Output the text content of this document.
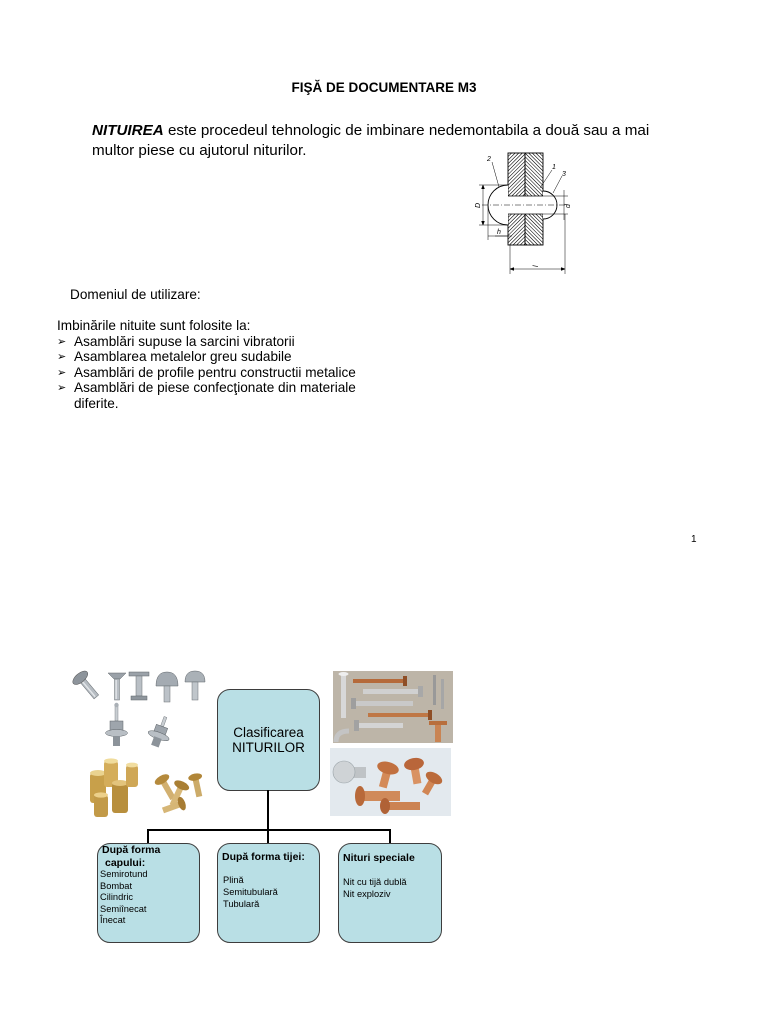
FIŞĂ DE DOCUMENTARE M3
NITUIREA este procedeul tehnologic de imbinare nedemontabila a două sau a mai
multor piese cu ajutorul niturilor.
2
1
3
D
h
d
l
Domeniul de utilizare:
Imbinările nituite sunt folosite la:
➢ Asamblări supuse la sarcini vibratorii
➢ Asamblarea metalelor greu sudabile
➢ Asamblări de profile pentru constructii metalice
➢ Asamblări de piese confecţionate din materiale diferite.
1
Clasificarea
NITURILOR
După forma
capului:
Semirotund
Bombat
Cilindric
Semiînecat
Înecat
După forma tijei:
Plină
Semitubulară
Tubulară
Nituri speciale
Nit cu tijă dublă
Nit exploziv
